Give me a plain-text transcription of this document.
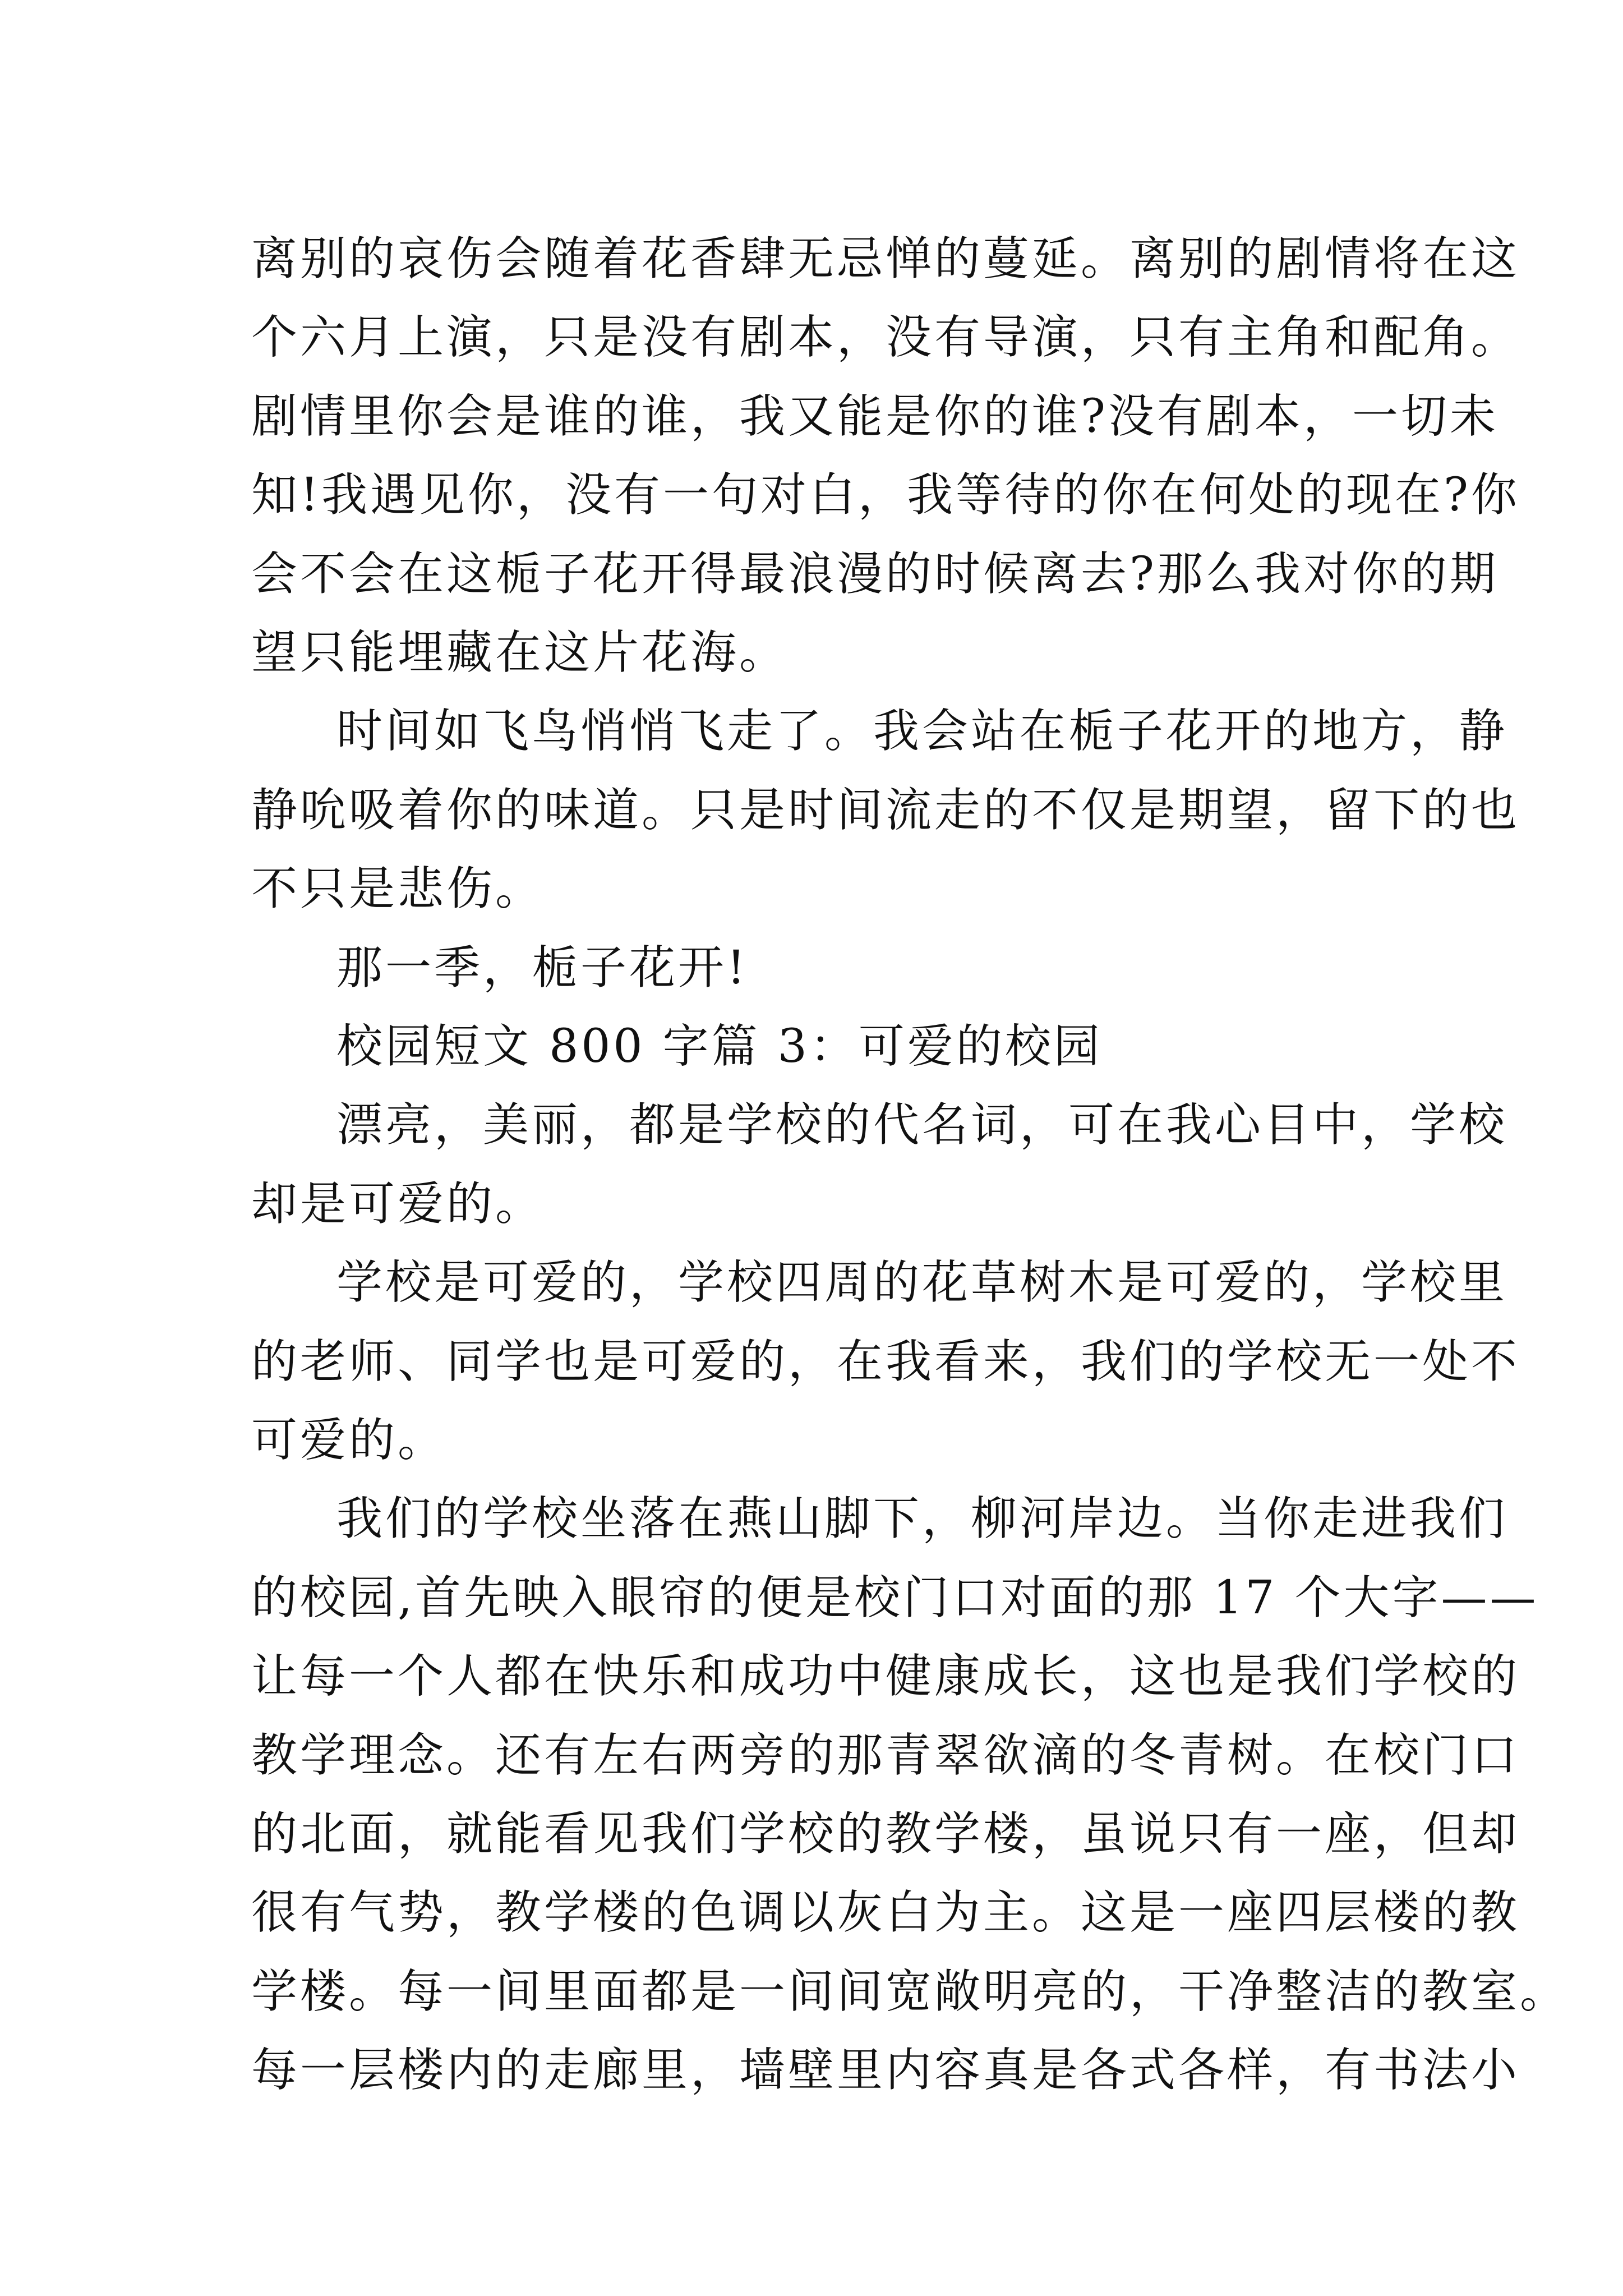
离别的哀伤会随着花香肆无忌惮的蔓延。离别的剧情将在这
个六月上演，只是没有剧本，没有导演，只有主角和配角。
剧情里你会是谁的谁，我又能是你的谁?没有剧本，一切未
知!我遇见你，没有一句对白，我等待的你在何处的现在?你
会不会在这栀子花开得最浪漫的时候离去?那么我对你的期
望只能埋藏在这片花海。
时间如飞鸟悄悄飞走了。我会站在栀子花开的地方，静
静吮吸着你的味道。只是时间流走的不仅是期望，留下的也
不只是悲伤。
那一季，栀子花开!
校园短文 800 字篇 3：可爱的校园
漂亮，美丽，都是学校的代名词，可在我心目中，学校
却是可爱的。
学校是可爱的，学校四周的花草树木是可爱的，学校里
的老师、同学也是可爱的，在我看来，我们的学校无一处不
可爱的。
我们的学校坐落在燕山脚下，柳河岸边。当你走进我们
的校园,首先映入眼帘的便是校门口对面的那 17 个大字——
让每一个人都在快乐和成功中健康成长，这也是我们学校的
教学理念。还有左右两旁的那青翠欲滴的冬青树。在校门口
的北面，就能看见我们学校的教学楼，虽说只有一座，但却
很有气势，教学楼的色调以灰白为主。这是一座四层楼的教
学楼。每一间里面都是一间间宽敞明亮的，干净整洁的教室。
每一层楼内的走廊里，墙壁里内容真是各式各样，有书法小
